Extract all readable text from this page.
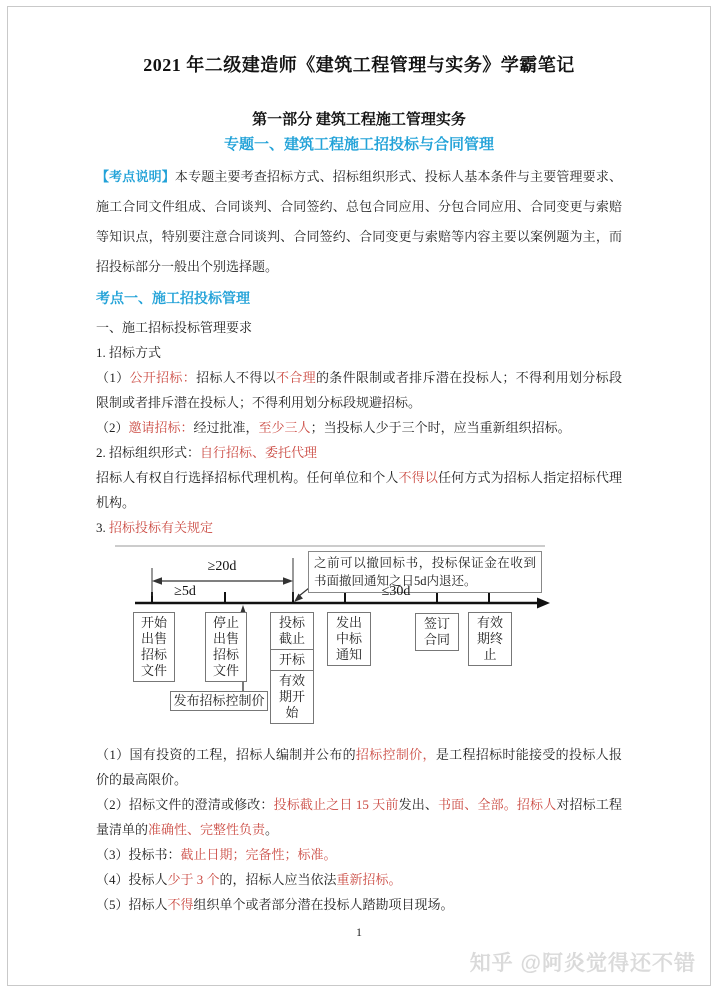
2021 年二级建造师《建筑工程管理与实务》学霸笔记
第一部分 建筑工程施工管理实务
专题一、建筑工程施工招投标与合同管理

【考点说明】本专题主要考查招标方式、招标组织形式、投标人基本条件与主要管理要求、施工合同文件组成、合同谈判、合同签约、总包合同应用、分包合同应用、合同变更与索赔等知识点，特别要注意合同谈判、合同签约、合同变更与索赔等内容主要以案例题为主，而招投标部分一般出个别选择题。

考点一、施工招投标管理

一、施工招标投标管理要求

1. 招标方式

（1）公开招标：招标人不得以不合理的条件限制或者排斥潜在投标人；不得利用划分标段限制或者排斥潜在投标人；不得利用划分标段规避招标。

（2）邀请招标：经过批准，至少三人；当投标人少于三个时，应当重新组织招标。

2. 招标组织形式：自行招标、委托代理

招标人有权自行选择招标代理机构。任何单位和个人不得以任何方式为招标人指定招标代理机构。

3. 招标投标有关规定

之前可以撤回标书，投标保证金在收到书面撤回通知之日5d内退还。
≥20d
≥5d	≤30d
开始出售招标文件
停止出售招标文件
投标截止
开标
有效期开始
发出中标通知
签订合同
有效期终止
发布招标控制价

（1）国有投资的工程，招标人编制并公布的招标控制价，是工程招标时能接受的投标人报价的最高限价。

（2）招标文件的澄清或修改：投标截止之日 15 天前发出、书面、全部。招标人对招标工程量清单的准确性、完整性负责。

（3）投标书：截止日期；完备性；标准。

（4）投标人少于 3 个的，招标人应当依法重新招标。

（5）招标人不得组织单个或者部分潜在投标人踏勘项目现场。

1
知乎 @阿炎觉得还不错
